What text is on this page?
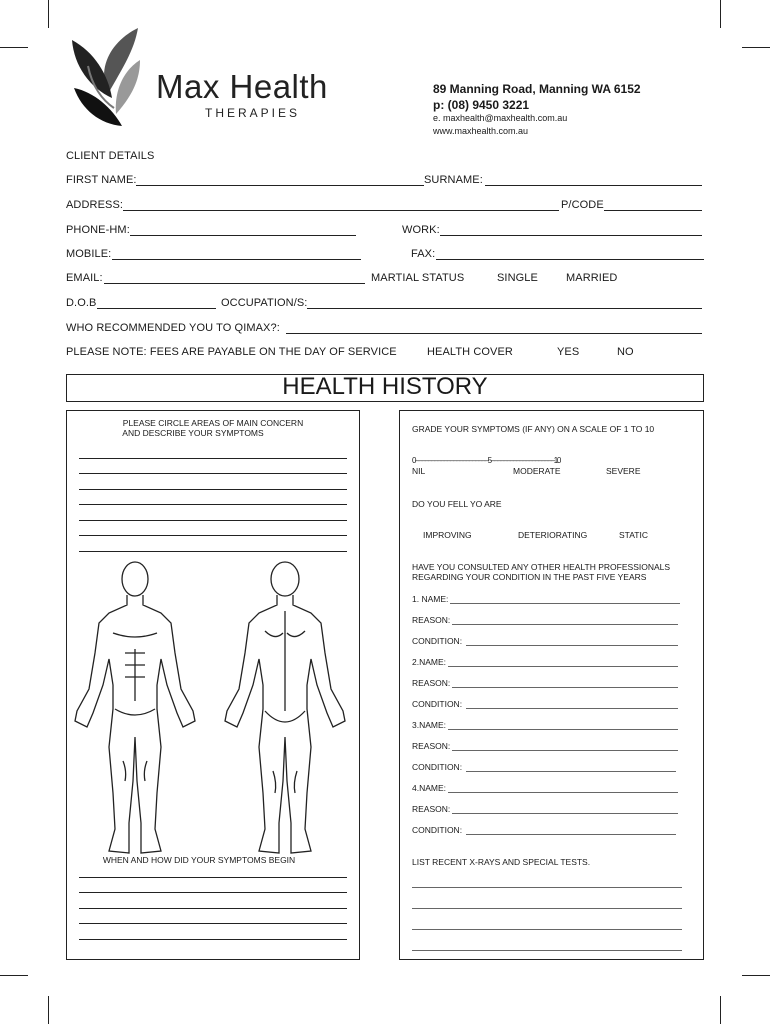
Max Health
THERAPIES
89 Manning Road, Manning WA 6152
p: (08) 9450 3221
e. maxhealth@maxhealth.com.au
www.maxhealth.com.au
CLIENT DETAILS
FIRST NAME:	SURNAME:
ADDRESS:	P/CODE
PHONE-HM:	WORK:
MOBILE:	FAX:
EMAIL:	MARTIAL STATUS	SINGLE	MARRIED
D.O.B	OCCUPATION/S:
WHO RECOMMENDED YOU TO QIMAX?:
PLEASE NOTE: FEES ARE PAYABLE ON THE DAY OF SERVICE	HEALTH COVER	YES	NO
HEALTH HISTORY
PLEASE CIRCLE AREAS OF MAIN CONCERN
AND DESCRIBE YOUR SYMPTOMS
WHEN AND HOW DID YOUR SYMPTOMS BEGIN
GRADE YOUR SYMPTOMS (IF ANY) ON A SCALE OF 1 TO 10
0–––––––––––––––––––––––5––––––––––––––––––––10
NIL	MODERATE	SEVERE
DO YOU FELL YO ARE
IMPROVING	DETERIORATING	STATIC
HAVE YOU CONSULTED ANY OTHER HEALTH PROFESSIONALS
REGARDING YOUR CONDITION IN THE PAST FIVE YEARS
1. NAME:
REASON:
CONDITION:
2.NAME:
REASON:
CONDITION:
3.NAME:
REASON:
CONDITION:
4.NAME:
REASON:
CONDITION:
LIST RECENT X-RAYS AND SPECIAL TESTS.
